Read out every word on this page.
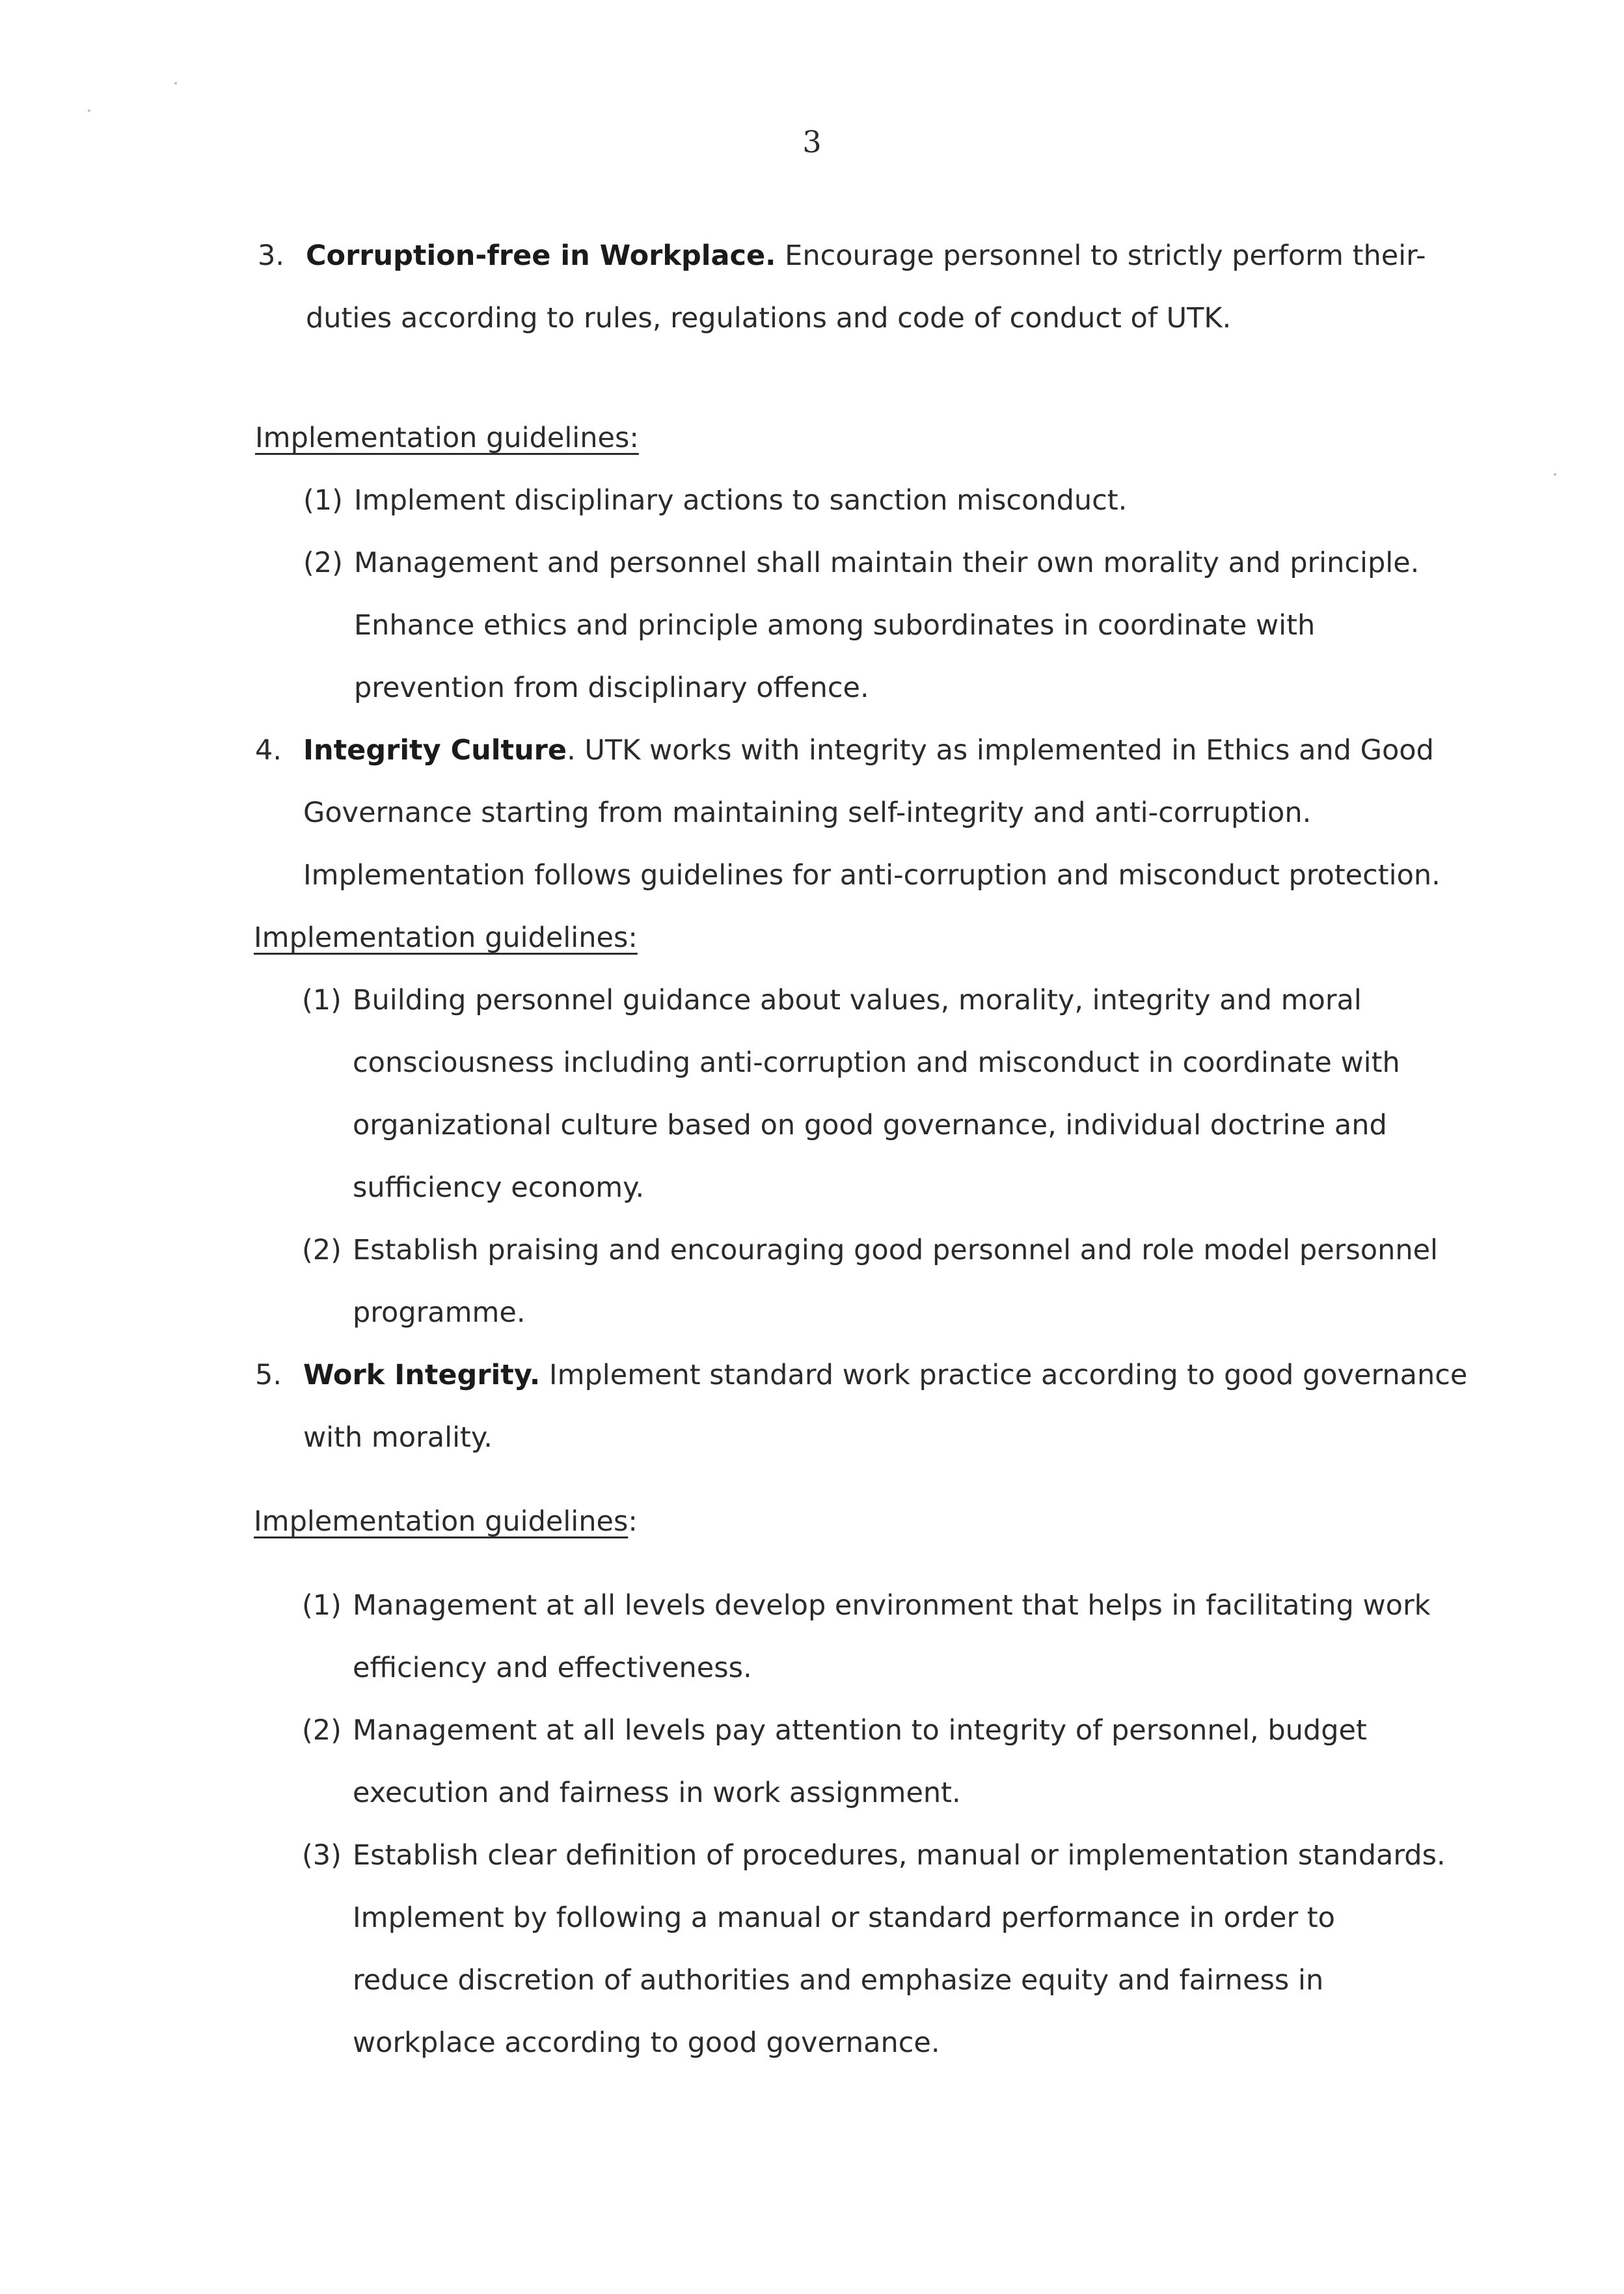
3
3. Corruption-free in Workplace. Encourage personnel to strictly perform their-
duties according to rules, regulations and code of conduct of UTK.
Implementation guidelines:
(1) Implement disciplinary actions to sanction misconduct.
(2) Management and personnel shall maintain their own morality and principle.
Enhance ethics and principle among subordinates in coordinate with
prevention from disciplinary offence.
4. Integrity Culture. UTK works with integrity as implemented in Ethics and Good
Governance starting from maintaining self-integrity and anti-corruption.
Implementation follows guidelines for anti-corruption and misconduct protection.
Implementation guidelines:
(1) Building personnel guidance about values, morality, integrity and moral
consciousness including anti-corruption and misconduct in coordinate with
organizational culture based on good governance, individual doctrine and
sufficiency economy.
(2) Establish praising and encouraging good personnel and role model personnel
programme.
5. Work Integrity. Implement standard work practice according to good governance
with morality.
Implementation guidelines:
(1) Management at all levels develop environment that helps in facilitating work
efficiency and effectiveness.
(2) Management at all levels pay attention to integrity of personnel, budget
execution and fairness in work assignment.
(3) Establish clear definition of procedures, manual or implementation standards.
Implement by following a manual or standard performance in order to
reduce discretion of authorities and emphasize equity and fairness in
workplace according to good governance.
